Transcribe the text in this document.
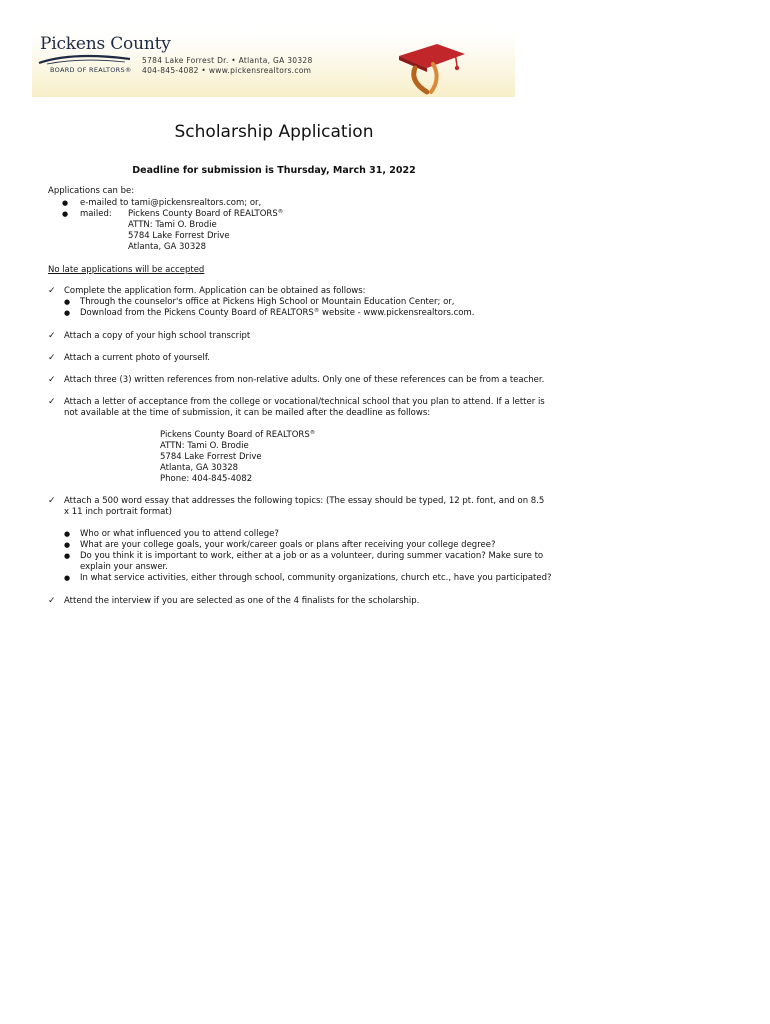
Pickens County
BOARD OF REALTORS®
5784 Lake Forrest Dr. • Atlanta, GA 30328
404-845-4082 • www.pickensrealtors.com
Scholarship Application
Deadline for submission is Thursday, March 31, 2022
Applications can be:
● e-mailed to tami@pickensrealtors.com; or,
● mailed: Pickens County Board of REALTORS®
ATTN: Tami O. Brodie
5784 Lake Forrest Drive
Atlanta, GA 30328
No late applications will be accepted
✓ Complete the application form. Application can be obtained as follows:
● Through the counselor's office at Pickens High School or Mountain Education Center; or,
● Download from the Pickens County Board of REALTORS® website - www.pickensrealtors.com.
✓ Attach a copy of your high school transcript
✓ Attach a current photo of yourself.
✓ Attach three (3) written references from non-relative adults. Only one of these references can be from a teacher.
✓ Attach a letter of acceptance from the college or vocational/technical school that you plan to attend. If a letter is
not available at the time of submission, it can be mailed after the deadline as follows:
Pickens County Board of REALTORS®
ATTN: Tami O. Brodie
5784 Lake Forrest Drive
Atlanta, GA 30328
Phone: 404-845-4082
✓ Attach a 500 word essay that addresses the following topics: (The essay should be typed, 12 pt. font, and on 8.5
x 11 inch portrait format)
● Who or what influenced you to attend college?
● What are your college goals, your work/career goals or plans after receiving your college degree?
● Do you think it is important to work, either at a job or as a volunteer, during summer vacation? Make sure to
explain your answer.
● In what service activities, either through school, community organizations, church etc., have you participated?
✓ Attend the interview if you are selected as one of the 4 finalists for the scholarship.
